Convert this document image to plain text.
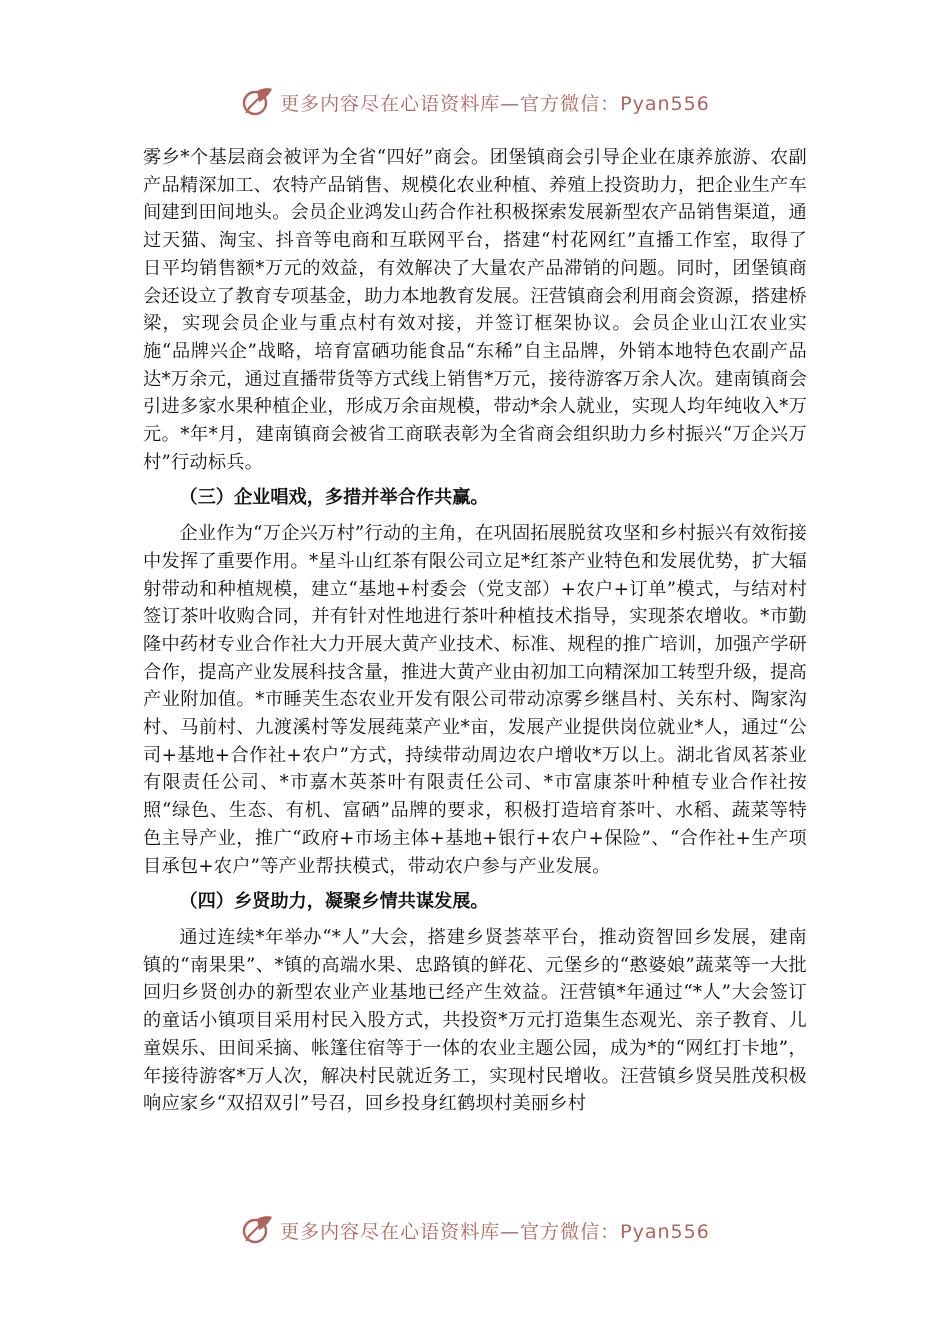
更多内容尽在心语资料库—官方微信：Pyan556

雾乡*个基层商会被评为全省“四好”商会。团堡镇商会引导企业在康养旅游、农副产品精深加工、农特产品销售、规模化农业种植、养殖上投资助力，把企业生产车间建到田间地头。会员企业鸿发山药合作社积极探索发展新型农产品销售渠道，通过天猫、淘宝、抖音等电商和互联网平台，搭建“村花网红”直播工作室，取得了日平均销售额*万元的效益，有效解决了大量农产品滞销的问题。同时，团堡镇商会还设立了教育专项基金，助力本地教育发展。汪营镇商会利用商会资源，搭建桥梁，实现会员企业与重点村有效对接，并签订框架协议。会员企业山江农业实施“品牌兴企”战略，培育富硒功能食品“东稀”自主品牌，外销本地特色农副产品达*万余元，通过直播带货等方式线上销售*万元，接待游客万余人次。建南镇商会引进多家水果种植企业，形成万余亩规模，带动*余人就业，实现人均年纯收入*万元。*年*月，建南镇商会被省工商联表彰为全省商会组织助力乡村振兴“万企兴万村”行动标兵。

（三）企业唱戏，多措并举合作共赢。

企业作为“万企兴万村”行动的主角，在巩固拓展脱贫攻坚和乡村振兴有效衔接中发挥了重要作用。*星斗山红茶有限公司立足*红茶产业特色和发展优势，扩大辐射带动和种植规模，建立“基地+村委会（党支部）+农户+订单”模式，与结对村签订茶叶收购合同，并有针对性地进行茶叶种植技术指导，实现茶农增收。*市勤隆中药材专业合作社大力开展大黄产业技术、标准、规程的推广培训，加强产学研合作，提高产业发展科技含量，推进大黄产业由初加工向精深加工转型升级，提高产业附加值。*市睡芙生态农业开发有限公司带动凉雾乡继昌村、关东村、陶家沟村、马前村、九渡溪村等发展莼菜产业*亩，发展产业提供岗位就业*人，通过“公司+基地+合作社+农户”方式，持续带动周边农户增收*万以上。湖北省凤茗茶业有限责任公司、*市嘉木英茶叶有限责任公司、*市富康茶叶种植专业合作社按照“绿色、生态、有机、富硒”品牌的要求，积极打造培育茶叶、水稻、蔬菜等特色主导产业，推广“政府+市场主体+基地+银行+农户+保险”、“合作社+生产项目承包+农户”等产业帮扶模式，带动农户参与产业发展。

（四）乡贤助力，凝聚乡情共谋发展。

通过连续*年举办“*人”大会，搭建乡贤荟萃平台，推动资智回乡发展，建南镇的“南果果”、*镇的高端水果、忠路镇的鲜花、元堡乡的“憨婆娘”蔬菜等一大批回归乡贤创办的新型农业产业基地已经产生效益。汪营镇*年通过“*人”大会签订的童话小镇项目采用村民入股方式，共投资*万元打造集生态观光、亲子教育、儿童娱乐、田间采摘、帐篷住宿等于一体的农业主题公园，成为*的“网红打卡地”，年接待游客*万人次，解决村民就近务工，实现村民增收。汪营镇乡贤吴胜茂积极响应家乡“双招双引”号召，回乡投身红鹤坝村美丽乡村

更多内容尽在心语资料库—官方微信：Pyan556
